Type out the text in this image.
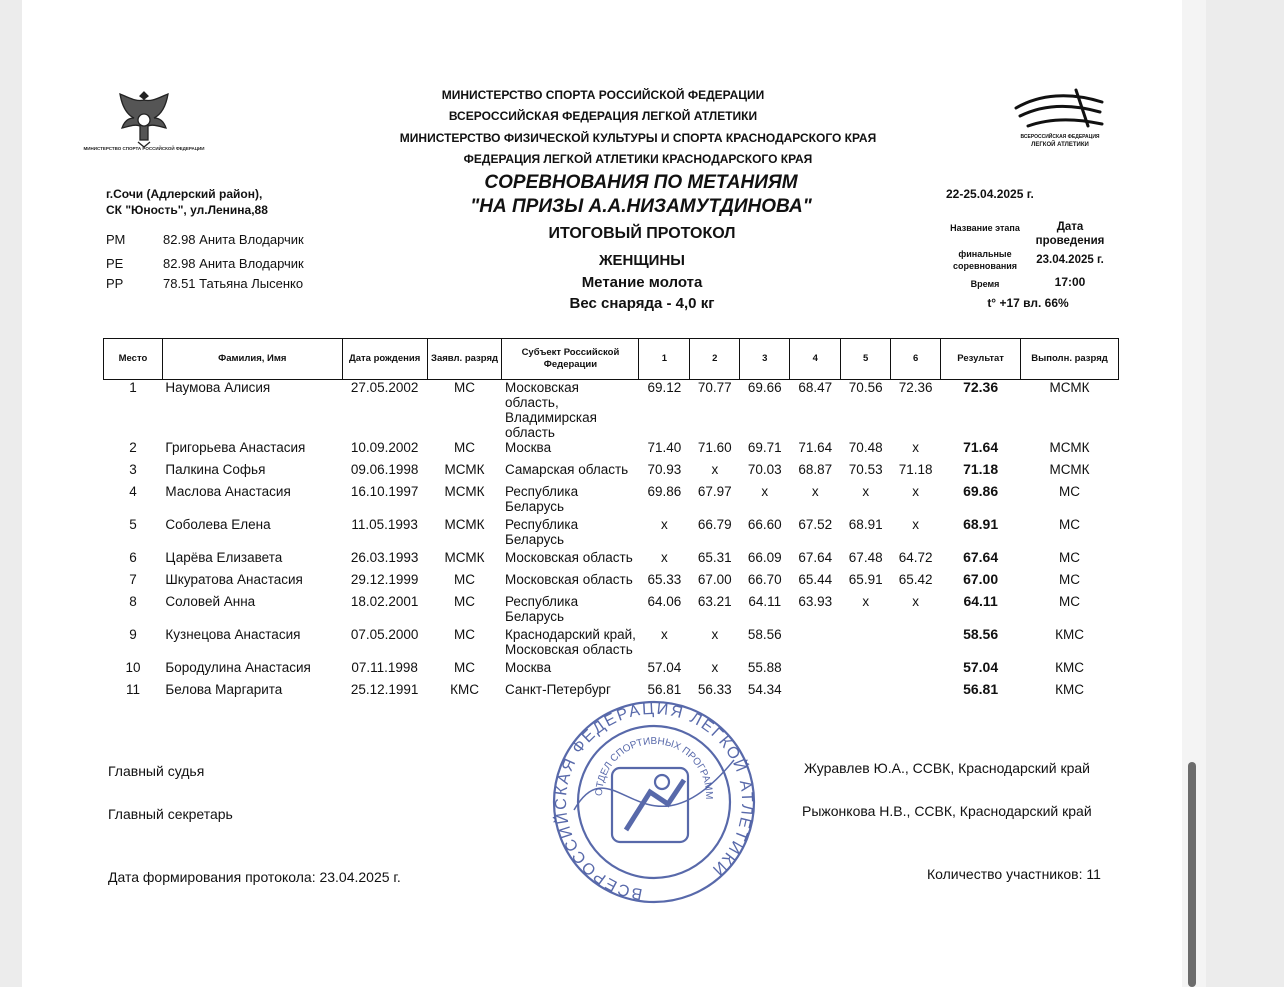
МИНИСТЕРСТВО СПОРТА РОССИЙСКОЙ ФЕДЕРАЦИИ
ВСЕРОССИЙСКАЯ ФЕДЕРАЦИЯ
ЛЕГКОЙ АТЛЕТИКИ
МИНИСТЕРСТВО СПОРТА РОССИЙСКОЙ ФЕДЕРАЦИИ
ВСЕРОССИЙСКАЯ ФЕДЕРАЦИЯ ЛЕГКОЙ АТЛЕТИКИ
МИНИСТЕРСТВО ФИЗИЧЕСКОЙ КУЛЬТУРЫ И СПОРТА КРАСНОДАРСКОГО КРАЯ
ФЕДЕРАЦИЯ ЛЕГКОЙ АТЛЕТИКИ КРАСНОДАРСКОГО КРАЯ
СОРЕВНОВАНИЯ ПО МЕТАНИЯМ
"НА ПРИЗЫ А.А.НИЗАМУТДИНОВА"
ИТОГОВЫЙ ПРОТОКОЛ
ЖЕНЩИНЫ
Метание молота
Вес снаряда - 4,0 кг
г.Сочи (Адлерский район),
СК "Юность", ул.Ленина,88
РМ	82.98 Анита Влодарчик
РЕ	82.98 Анита Влодарчик
РР	78.51 Татьяна Лысенко
22-25.04.2025 г.
Название этапа
финальные соревнования
Дата проведения
23.04.2025 г.
Время	17:00
t° +17 вл. 66%
Место	Фамилия, Имя	Дата рождения	Заявл. разряд	Субъект Российской Федерации	1	2	3	4	5	6	Результат	Выполн. разряд
1	Наумова Алисия	27.05.2002	МС	Московская область, Владимирская область	69.12	70.77	69.66	68.47	70.56	72.36	72.36	МСМК
2	Григорьева Анастасия	10.09.2002	МС	Москва	71.40	71.60	69.71	71.64	70.48	x	71.64	МСМК
3	Палкина Софья	09.06.1998	МСМК	Самарская область	70.93	x	70.03	68.87	70.53	71.18	71.18	МСМК
4	Маслова Анастасия	16.10.1997	МСМК	Республика Беларусь	69.86	67.97	x	x	x	x	69.86	МС
5	Соболева Елена	11.05.1993	МСМК	Республика Беларусь	x	66.79	66.60	67.52	68.91	x	68.91	МС
6	Царёва Елизавета	26.03.1993	МСМК	Московская область	x	65.31	66.09	67.64	67.48	64.72	67.64	МС
7	Шкуратова Анастасия	29.12.1999	МС	Московская область	65.33	67.00	66.70	65.44	65.91	65.42	67.00	МС
8	Соловей Анна	18.02.2001	МС	Республика Беларусь	64.06	63.21	64.11	63.93	x	x	64.11	МС
9	Кузнецова Анастасия	07.05.2000	МС	Краснодарский край, Московская область	x	x	58.56				58.56	КМС
10	Бородулина Анастасия	07.11.1998	МС	Москва	57.04	x	55.88				57.04	КМС
11	Белова Маргарита	25.12.1991	КМС	Санкт-Петербург	56.81	56.33	54.34				56.81	КМС
ВСЕРОССИЙСКАЯ ФЕДЕРАЦИЯ ЛЕГКОЙ АТЛЕТИКИ
ОТДЕЛ СПОРТИВНЫХ ПРОГРАММ
Главный судья	Журавлев Ю.А., ССВК, Краснодарский край
Главный секретарь	Рыжонкова Н.В., ССВК, Краснодарский край
Дата формирования протокола: 23.04.2025 г.	Количество участников: 11
